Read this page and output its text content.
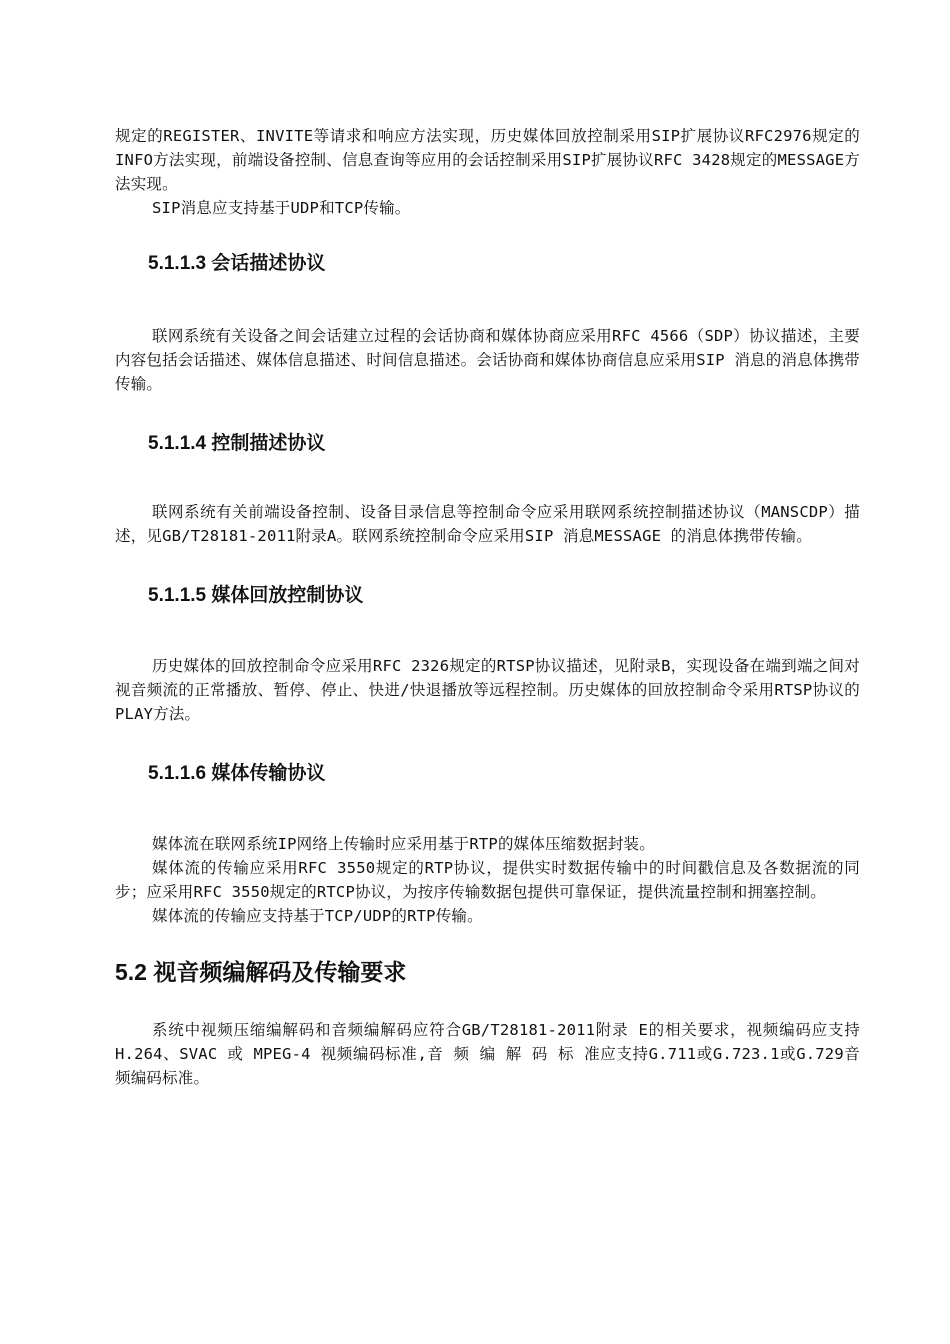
规定的REGISTER、INVITE等请求和响应方法实现，历史媒体回放控制采用SIP扩展协议RFC2976规定的INFO方法实现，前端设备控制、信息查询等应用的会话控制采用SIP扩展协议RFC 3428规定的MESSAGE方法实现。

SIP消息应支持基于UDP和TCP传输。

5.1.1.3 会话描述协议

联网系统有关设备之间会话建立过程的会话协商和媒体协商应采用RFC 4566（SDP）协议描述，主要内容包括会话描述、媒体信息描述、时间信息描述。会话协商和媒体协商信息应采用SIP 消息的消息体携带传输。

5.1.1.4 控制描述协议

联网系统有关前端设备控制、设备目录信息等控制命令应采用联网系统控制描述协议（MANSCDP）描述，见GB/T28181-2011附录A。联网系统控制命令应采用SIP 消息MESSAGE 的消息体携带传输。

5.1.1.5 媒体回放控制协议

历史媒体的回放控制命令应采用RFC 2326规定的RTSP协议描述，见附录B，实现设备在端到端之间对视音频流的正常播放、暂停、停止、快进/快退播放等远程控制。历史媒体的回放控制命令采用RTSP协议的PLAY方法。

5.1.1.6 媒体传输协议

媒体流在联网系统IP网络上传输时应采用基于RTP的媒体压缩数据封装。

媒体流的传输应采用RFC 3550规定的RTP协议，提供实时数据传输中的时间戳信息及各数据流的同步；应采用RFC 3550规定的RTCP协议，为按序传输数据包提供可靠保证，提供流量控制和拥塞控制。

媒体流的传输应支持基于TCP/UDP的RTP传输。

5.2 视音频编解码及传输要求

系统中视频压缩编解码和音频编解码应符合GB/T28181-2011附录 E的相关要求，视频编码应支持H.264、SVAC 或 MPEG-4 视频编码标准,音 频 编 解 码 标 准应支持G.711或G.723.1或G.729音频编码标准。
